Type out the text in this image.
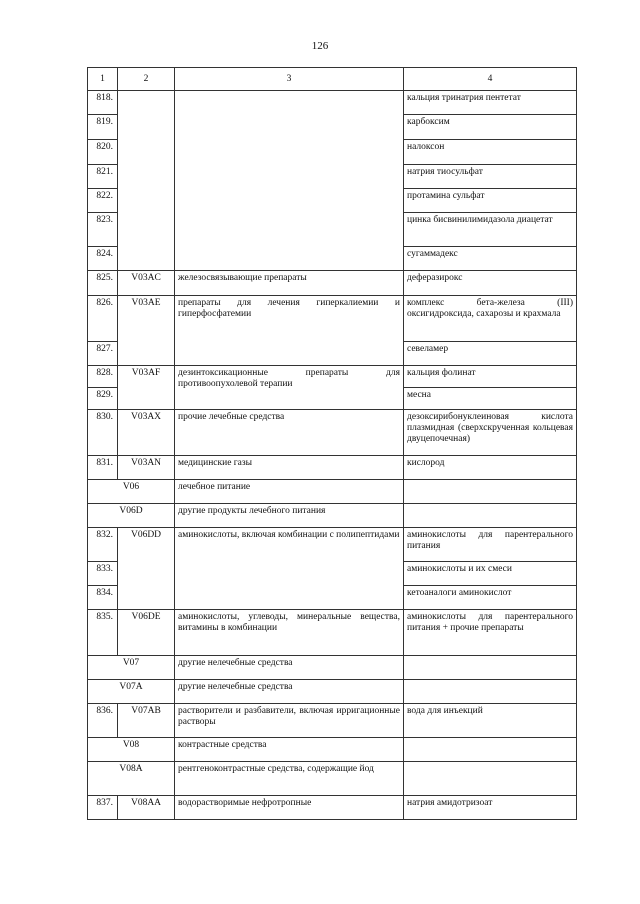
126
1	2	3	4
818.			кальция тринатрия пентетат
819.			карбоксим
820.			налоксон
821.			натрия тиосульфат
822.			протамина сульфат
823.			цинка бисвинилимидазола диацетат
824.			сугаммадекс
825.	V03AC	железосвязывающие препараты	деферазирокс
826.	V03AE	препараты для лечения гиперкалиемии и гиперфосфатемии	комплекс бета-железа (III) оксигидроксида, сахарозы и крахмала
827.			севеламер
828.	V03AF	дезинтоксикационные препараты для противоопухолевой терапии	кальция фолинат
829.			месна
830.	V03AX	прочие лечебные средства	дезоксирибонуклеиновая кислота плазмидная (сверхскрученная кольцевая двуцепочечная)
831.	V03AN	медицинские газы	кислород
V06		лечебное питание	
V06D		другие продукты лечебного питания	
832.	V06DD	аминокислоты, включая комбинации с полипептидами	аминокислоты для парентерального питания
833.			аминокислоты и их смеси
834.			кетоаналоги аминокислот
835.	V06DE	аминокислоты, углеводы, минеральные вещества, витамины в комбинации	аминокислоты для парентерального питания + прочие препараты
V07		другие нелечебные средства	
V07A		другие нелечебные средства	
836.	V07AB	растворители и разбавители, включая ирригационные растворы	вода для инъекций
V08		контрастные средства	
V08A		рентгеноконтрастные средства, содержащие йод	
837.	V08AA	водорастворимые нефротропные	натрия амидотризоат
